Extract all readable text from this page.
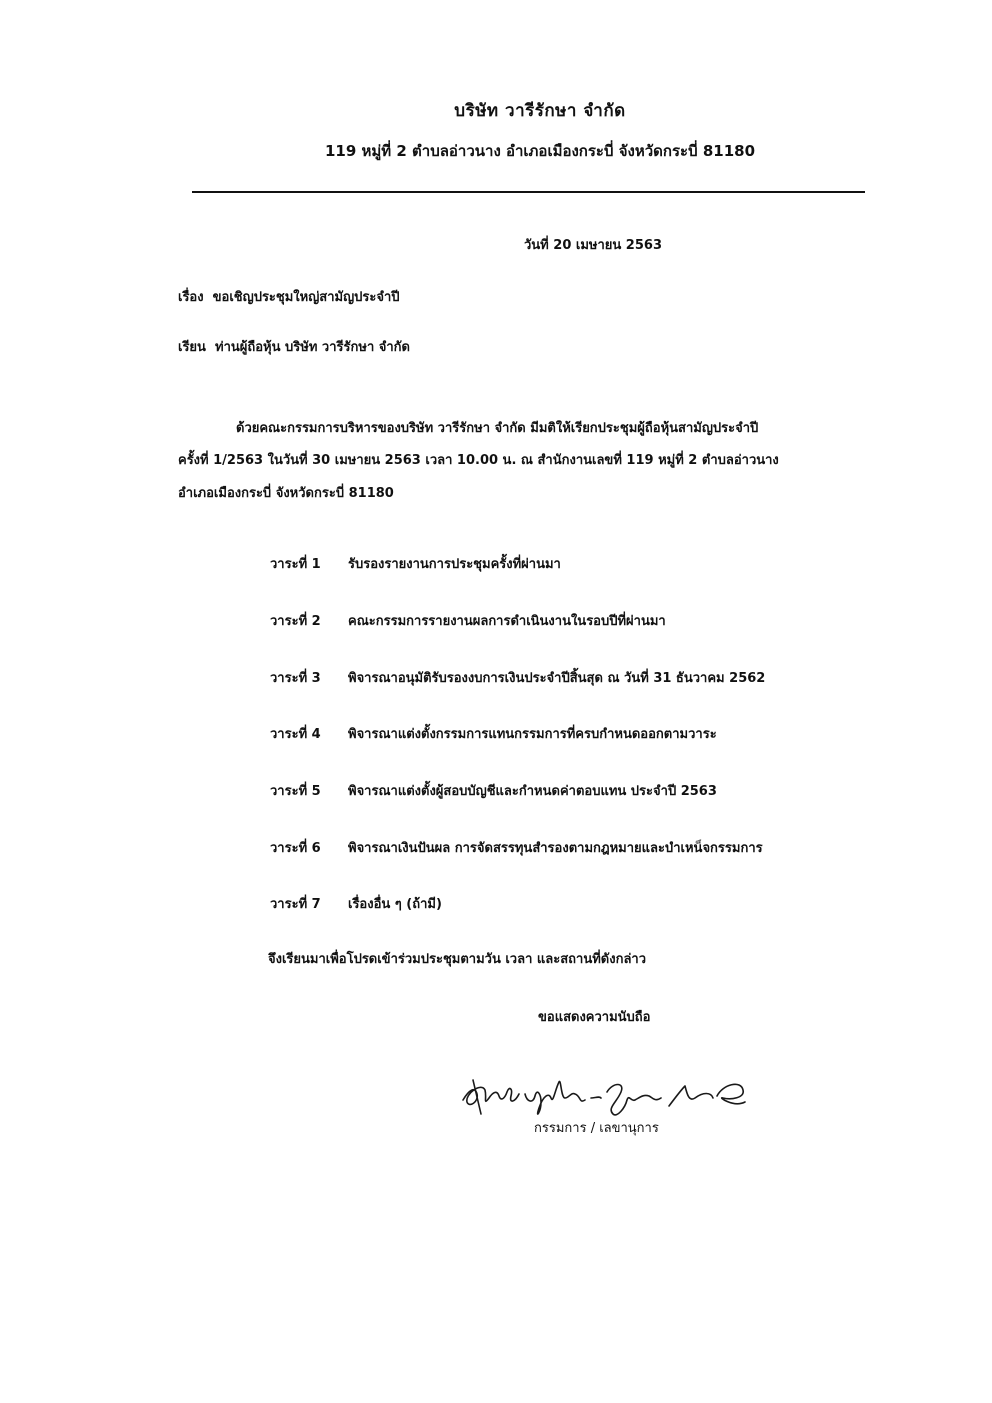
บริษัท วารีรักษา จำกัด
119 หมู่ที่ 2 ตำบลอ่าวนาง อำเภอเมืองกระบี่ จังหวัดกระบี่ 81180
วันที่ 20 เมษายน 2563
เรื่อง ขอเชิญประชุมใหญ่สามัญประจำปี
เรียน ท่านผู้ถือหุ้น บริษัท วารีรักษา จำกัด
ด้วยคณะกรรมการบริหารของบริษัท วารีรักษา จำกัด มีมติให้เรียกประชุมผู้ถือหุ้นสามัญประจำปี
ครั้งที่ 1/2563 ในวันที่ 30 เมษายน 2563 เวลา 10.00 น. ณ สำนักงานเลขที่ 119 หมู่ที่ 2 ตำบลอ่าวนาง
อำเภอเมืองกระบี่ จังหวัดกระบี่ 81180
วาระที่ 1 รับรองรายงานการประชุมครั้งที่ผ่านมา
วาระที่ 2 คณะกรรมการรายงานผลการดำเนินงานในรอบปีที่ผ่านมา
วาระที่ 3 พิจารณาอนุมัติรับรองงบการเงินประจำปีสิ้นสุด ณ วันที่ 31 ธันวาคม 2562
วาระที่ 4 พิจารณาแต่งตั้งกรรมการแทนกรรมการที่ครบกำหนดออกตามวาระ
วาระที่ 5 พิจารณาแต่งตั้งผู้สอบบัญชีและกำหนดค่าตอบแทน ประจำปี 2563
วาระที่ 6 พิจารณาเงินปันผล การจัดสรรทุนสำรองตามกฎหมายและบำเหน็จกรรมการ
วาระที่ 7 เรื่องอื่น ๆ (ถ้ามี)
จึงเรียนมาเพื่อโปรดเข้าร่วมประชุมตามวัน เวลา และสถานที่ดังกล่าว
ขอแสดงความนับถือ
กรรมการ / เลขานุการ
